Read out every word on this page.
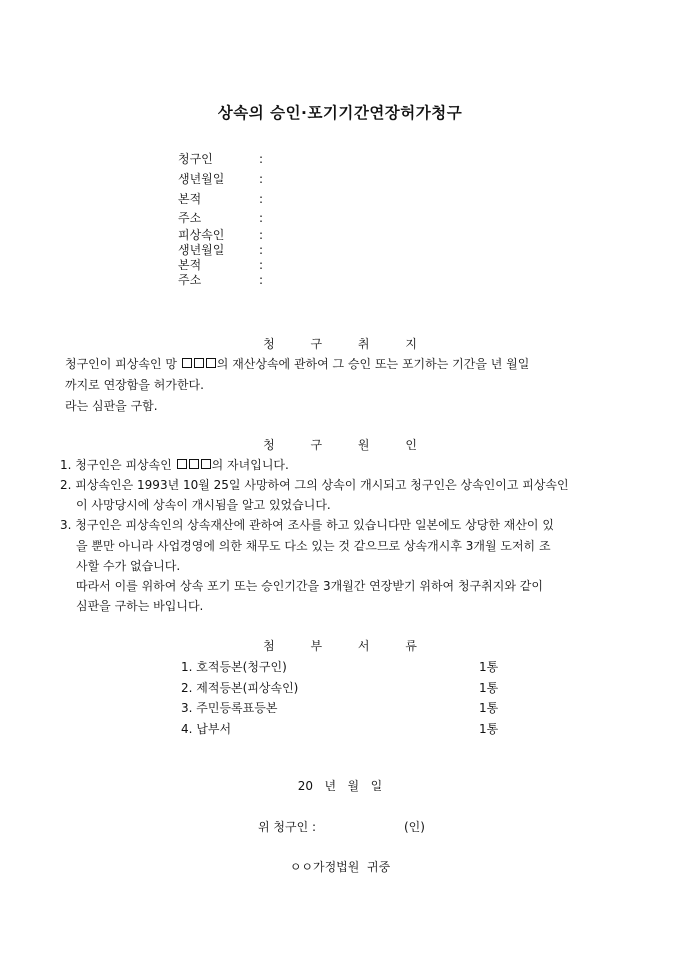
상속의 승인·포기기간연장허가청구
청구인	:
생년월일	:
본적	:
주소	:
피상속인	:
생년월일	:
본적	:
주소	:
청 구 취 지
청구인이 피상속인 망	의 재산상속에 관하여 그 승인 또는 포기하는 기간을 년 월일
까지로 연장함을 허가한다.
라는 심판을 구함.
청 구 원 인
1. 청구인은 피상속인	의 자녀입니다.
2. 피상속인은 1993년 10월 25일 사망하여 그의 상속이 개시되고 청구인은 상속인이고 피상속인
이 사망당시에 상속이 개시됨을 알고 있었습니다.
3. 청구인은 피상속인의 상속재산에 관하여 조사를 하고 있습니다만 일본에도 상당한 재산이 있
을 뿐만 아니라 사업경영에 의한 채무도 다소 있는 것 같으므로 상속개시후 3개월 도저히 조
사할 수가 없습니다.
따라서 이를 위하여 상속 포기 또는 승인기간을 3개월간 연장받기 위하여 청구취지와 같이
심판을 구하는 바입니다.
첨 부 서 류
1. 호적등본(청구인)	1통
2. 제적등본(피상속인)	1통
3. 주민등록표등본	1통
4. 납부서	1통
20   년   월   일
위 청구인 :	(인)
ㅇㅇ가정법원  귀중
